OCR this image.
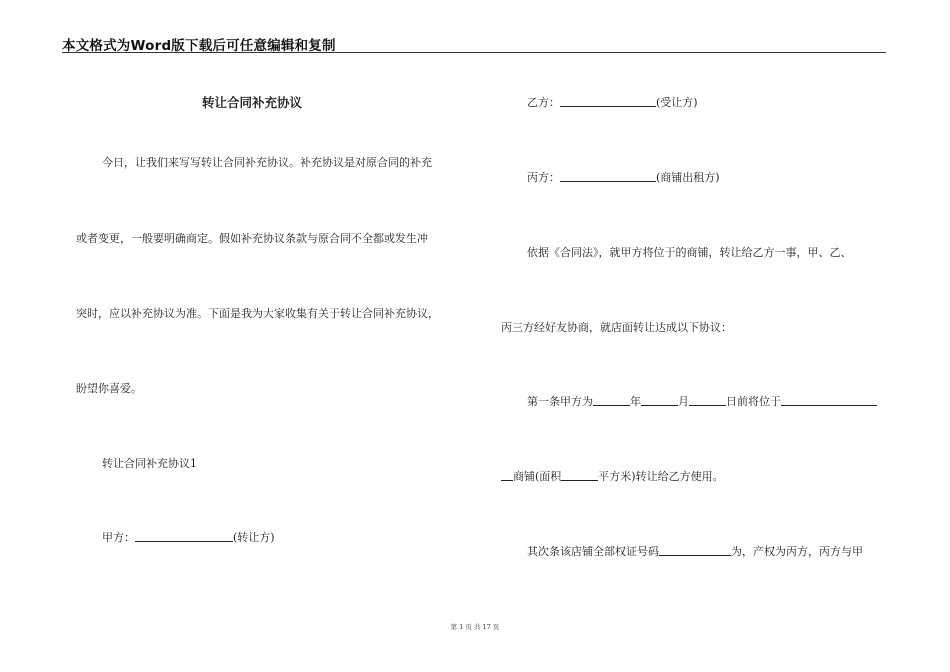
本文格式为Word版下载后可任意编辑和复制
转让合同补充协议
今日，让我们来写写转让合同补充协议。补充协议是对原合同的补充
或者变更，一般要明确商定。假如补充协议条款与原合同不全都或发生冲
突时，应以补充协议为准。下面是我为大家收集有关于转让合同补充协议，
盼望你喜爱。
转让合同补充协议1
甲方：	(转让方)
乙方：	(受让方)
丙方：	(商铺出租方)
依据《合同法》，就甲方将位于的商铺，转让给乙方一事，甲、乙、
丙三方经好友协商，就店面转让达成以下协议：
第一条甲方为	年	月	日前将位于
商铺(面积	平方米)转让给乙方使用。
其次条该店铺全部权证号码	为，产权为丙方，丙方与甲
第 1 页 共 17 页
